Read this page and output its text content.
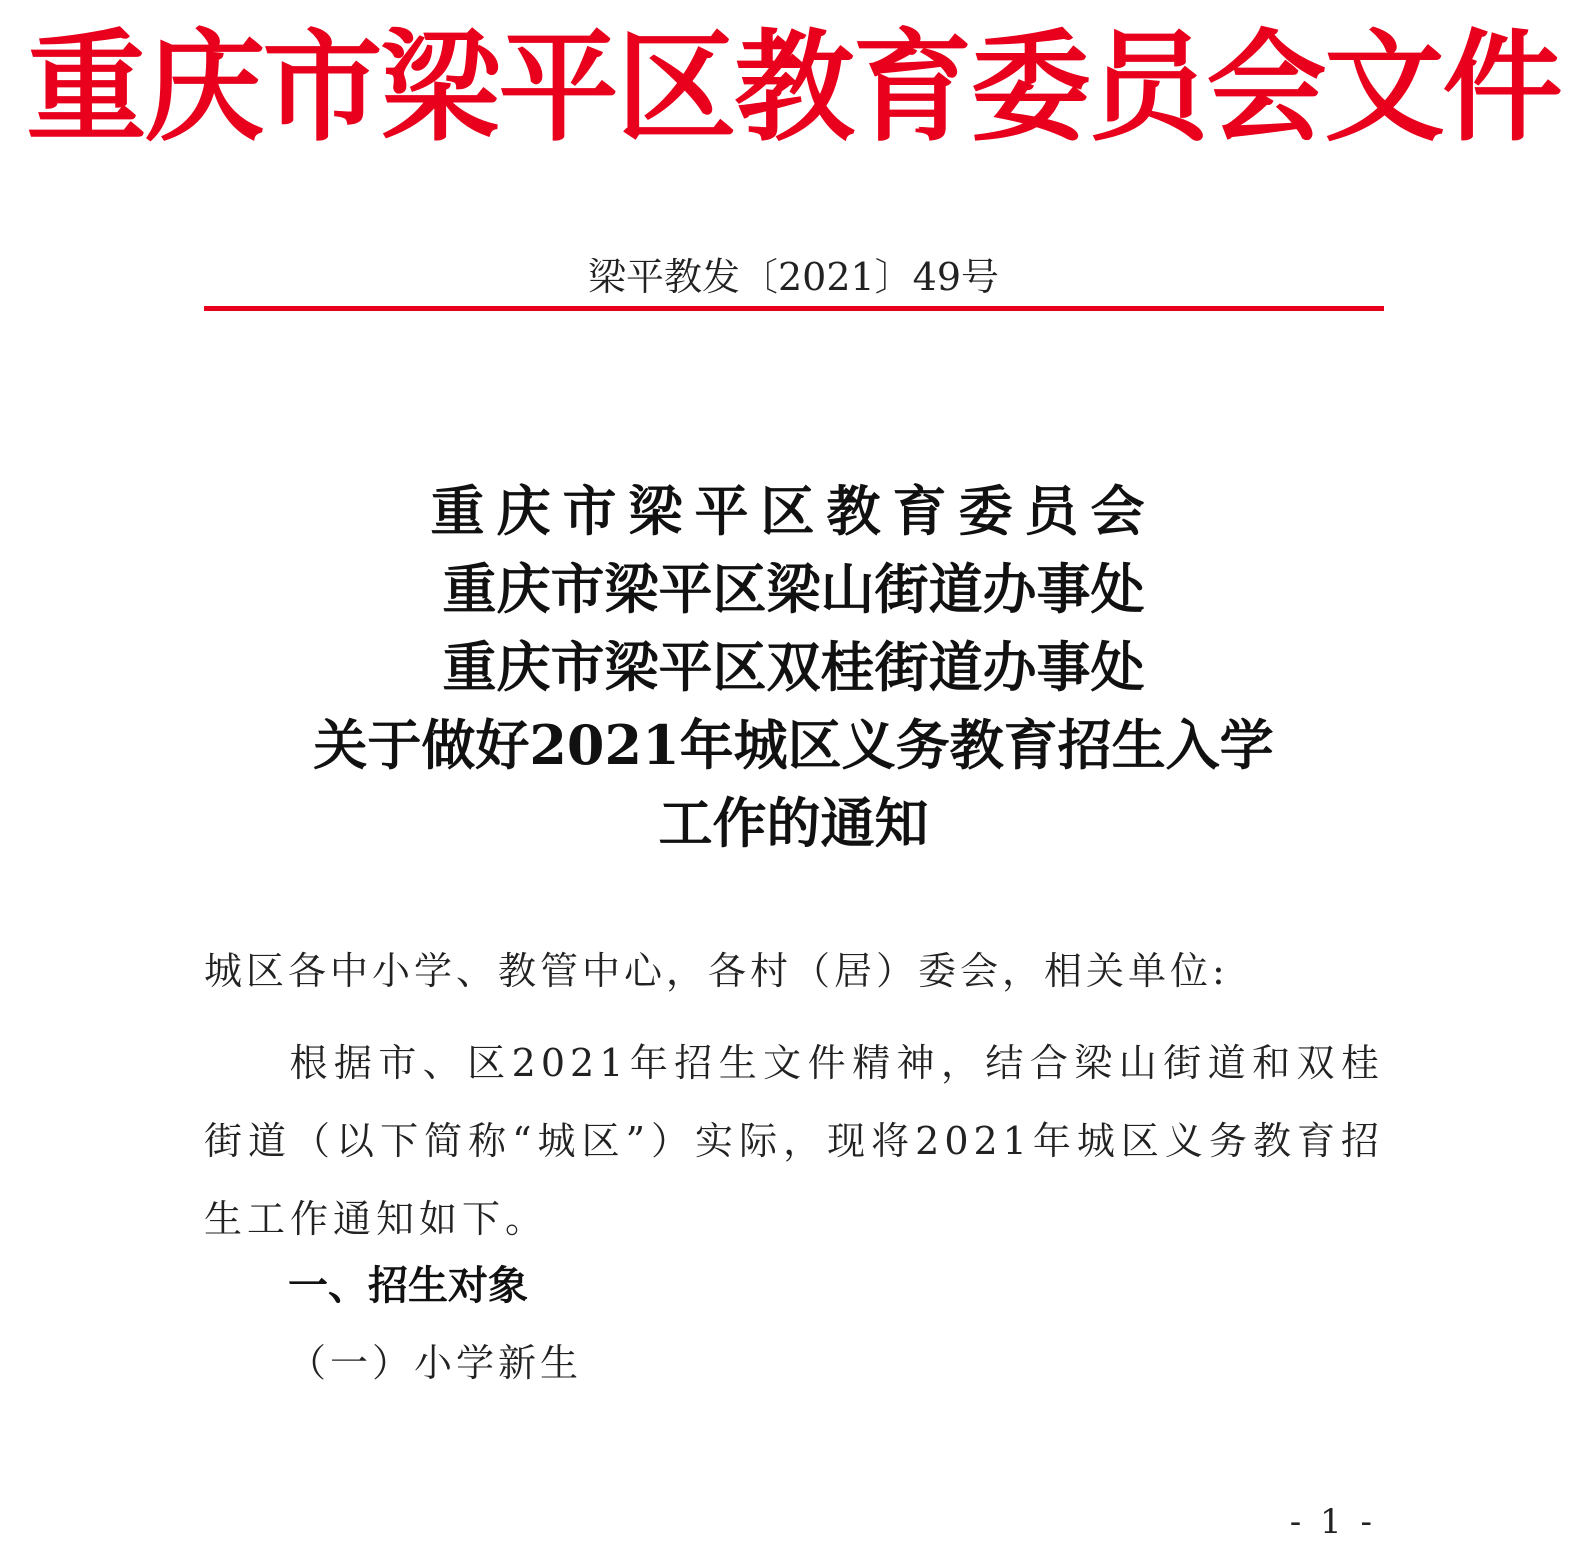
重庆市梁平区教育委员会文件
梁平教发〔2021〕49号
重庆市梁平区教育委员会
重庆市梁平区梁山街道办事处
重庆市梁平区双桂街道办事处
关于做好2021年城区义务教育招生入学
工作的通知
城区各中小学、教管中心，各村（居）委会，相关单位:
根据市、区2021年招生文件精神，结合梁山街道和双桂街道（以下简称“城区”）实际，现将2021年城区义务教育招生工作通知如下。
一、招生对象
（一）小学新生
- 1 -
